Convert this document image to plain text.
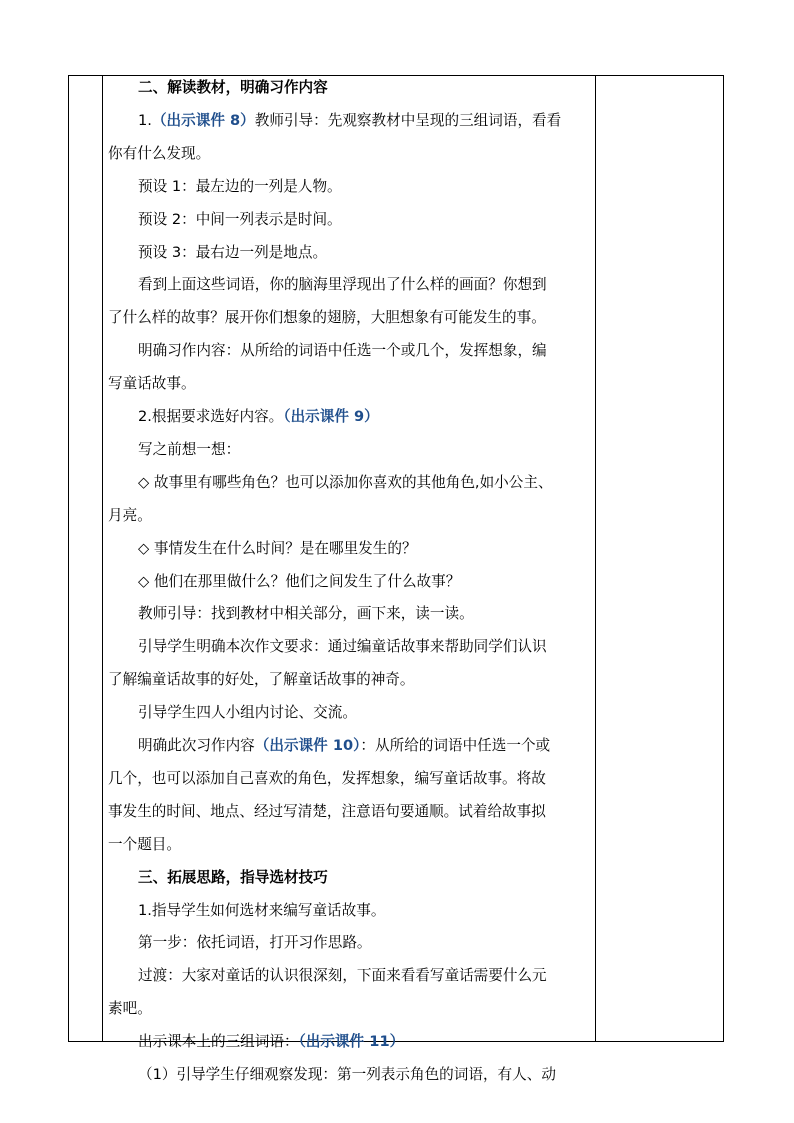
二、解读教材，明确习作内容
1.（出示课件 8）教师引导：先观察教材中呈现的三组词语，看看
你有什么发现。
预设 1：最左边的一列是人物。
预设 2：中间一列表示是时间。
预设 3：最右边一列是地点。
看到上面这些词语，你的脑海里浮现出了什么样的画面？你想到
了什么样的故事？展开你们想象的翅膀，大胆想象有可能发生的事。
明确习作内容：从所给的词语中任选一个或几个，发挥想象，编
写童话故事。
2.根据要求选好内容。（出示课件 9）
写之前想一想：
◇ 故事里有哪些角色？也可以添加你喜欢的其他角色,如小公主、
月亮。
◇ 事情发生在什么时间？是在哪里发生的？
◇ 他们在那里做什么？他们之间发生了什么故事？
教师引导：找到教材中相关部分，画下来，读一读。
引导学生明确本次作文要求：通过编童话故事来帮助同学们认识
了解编童话故事的好处，了解童话故事的神奇。
引导学生四人小组内讨论、交流。
明确此次习作内容（出示课件 10）：从所给的词语中任选一个或
几个，也可以添加自己喜欢的角色，发挥想象，编写童话故事。将故
事发生的时间、地点、经过写清楚，注意语句要通顺。试着给故事拟
一个题目。
三、拓展思路，指导选材技巧
1.指导学生如何选材来编写童话故事。
第一步：依托词语，打开习作思路。
过渡：大家对童话的认识很深刻，下面来看看写童话需要什么元
素吧。
出示课本上的三组词语：（出示课件 11）
（1）引导学生仔细观察发现：第一列表示角色的词语，有人、动
